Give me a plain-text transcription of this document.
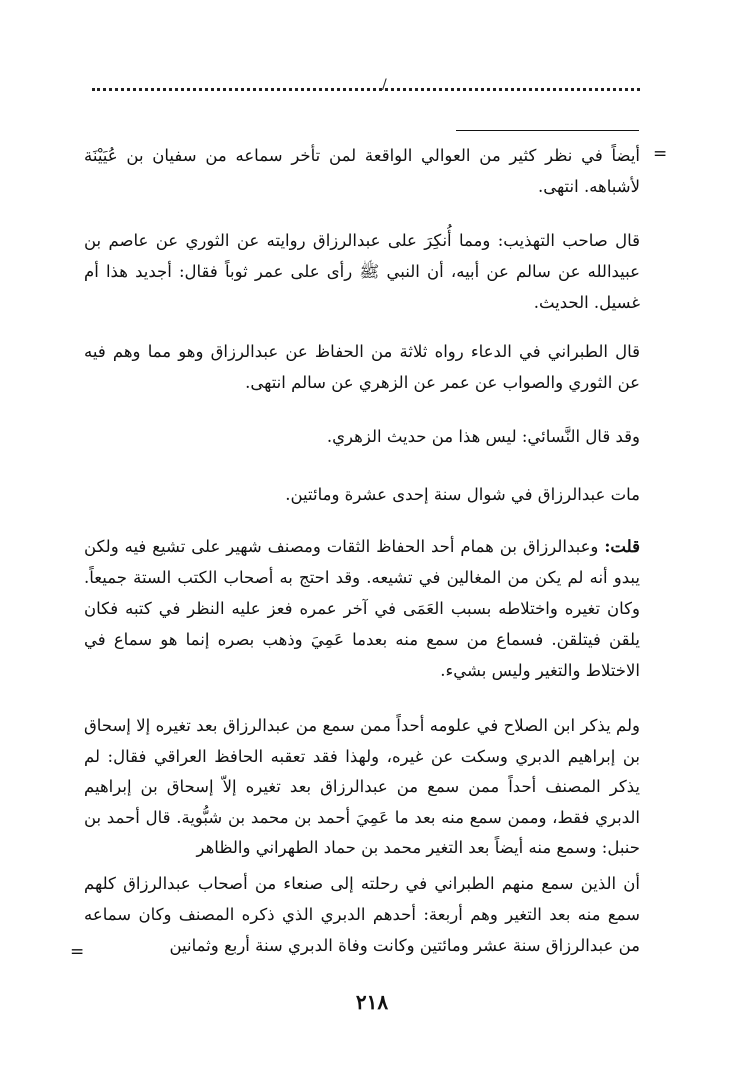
/
=

أيضاً في نظر كثير من العوالي الواقعة لمن تأخر سماعه من سفيان بن عُيَيْنَة لأشباهه. انتهى.

قال صاحب التهذيب: ومما أُنكِرَ على عبدالرزاق روايته عن الثوري عن عاصم بن عبيدالله عن سالم عن أبيه، أن النبي ﷺ رأى على عمر ثوباً فقال: أجديد هذا أم غسيل. الحديث.

قال الطبراني في الدعاء رواه ثلاثة من الحفاظ عن عبدالرزاق وهو مما وهم فيه عن الثوري والصواب عن عمر عن الزهري عن سالم انتهى.

وقد قال النَّسائي: ليس هذا من حديث الزهري.

مات عبدالرزاق في شوال سنة إحدى عشرة ومائتين.

قلت: وعبدالرزاق بن همام أحد الحفاظ الثقات ومصنف شهير على تشيع فيه ولكن يبدو أنه لم يكن من المغالين في تشيعه. وقد احتج به أصحاب الكتب الستة جميعاً. وكان تغيره واختلاطه بسبب العَمَى في آخر عمره فعز عليه النظر في كتبه فكان يلقن فيتلقن. فسماع من سمع منه بعدما عَمِيَ وذهب بصره إنما هو سماع في الاختلاط والتغير وليس بشيء.

ولم يذكر ابن الصلاح في علومه أحداً ممن سمع من عبدالرزاق بعد تغيره إلا إسحاق بن إبراهيم الدبري وسكت عن غيره، ولهذا فقد تعقبه الحافظ العراقي فقال: لم يذكر المصنف أحداً ممن سمع من عبدالرزاق بعد تغيره إلاّ إسحاق بن إبراهيم الدبري فقط، وممن سمع منه بعد ما عَمِيَ أحمد بن محمد بن شبُّوية. قال أحمد بن حنبل: وسمع منه أيضاً بعد التغير محمد بن حماد الطهراني والظاهر

أن الذين سمع منهم الطبراني في رحلته إلى صنعاء من أصحاب عبدالرزاق كلهم سمع منه بعد التغير وهم أربعة: أحدهم الدبري الذي ذكره المصنف وكان سماعه من عبدالرزاق سنة عشر ومائتين وكانت وفاة الدبري سنة أربع وثمانين

=
٢١٨
